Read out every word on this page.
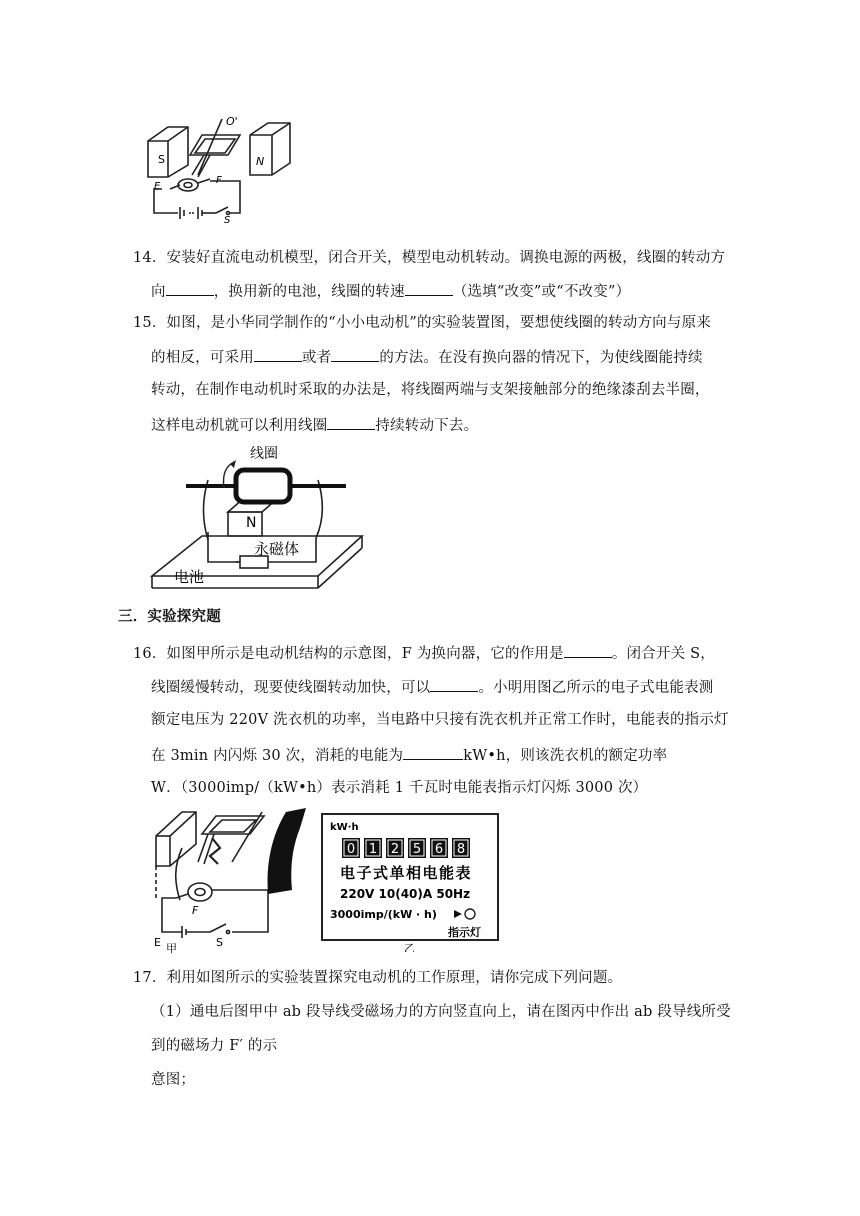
O'
S	N
E
F
S
14．安装好直流电动机模型，闭合开关，模型电动机转动。调换电源的两极，线圈的转动方
向	，换用新的电池，线圈的转速	（选填“改变”或“不改变”）
15．如图，是小华同学制作的“小小电动机”的实验装置图，要想使线圈的转动方向与原来
的相反，可采用	或者	的方法。在没有换向器的情况下，为使线圈能持续
转动，在制作电动机时采取的办法是，将线圈两端与支架接触部分的绝缘漆刮去半圈，
这样电动机就可以利用线圈	持续转动下去。
线圈
N
永磁体
电池
三．实验探究题
16．如图甲所示是电动机结构的示意图，F 为换向器，它的作用是	。闭合开关 S，
线圈缓慢转动，现要使线圈转动加快，可以	。小明用图乙所示的电子式电能表测
额定电压为 220V 洗衣机的功率，当电路中只接有洗衣机并正常工作时，电能表的指示灯
在 3min 内闪烁 30 次，消耗的电能为	kW•h，则该洗衣机的额定功率
W．（3000imp/（kW•h）表示消耗 1 千瓦时电能表指示灯闪烁 3000 次）
F
E 甲	S
kW·h
0 1 2 5 6 8
电子式单相电能表
220V 10(40)A 50Hz
3000imp/(kW · h)
指示灯
乙
17．利用如图所示的实验装置探究电动机的工作原理，请你完成下列问题。
（1）通电后图甲中 ab 段导线受磁场力的方向竖直向上，请在图丙中作出 ab 段导线所受
到的磁场力 F′ 的示
意图；
